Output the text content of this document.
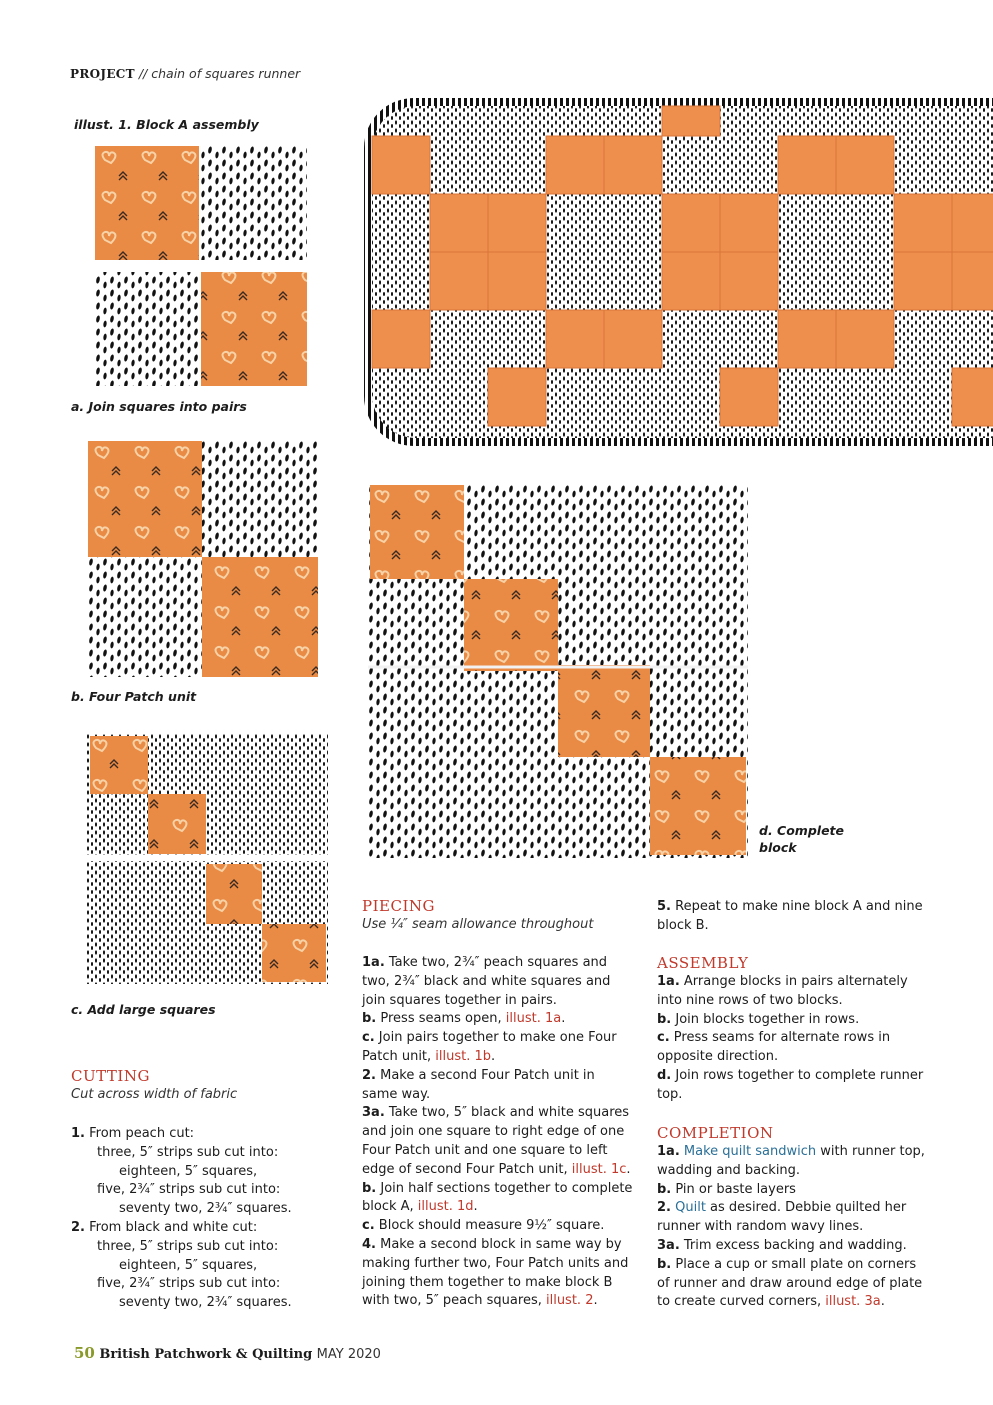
PROJECT // chain of squares runner
illust. 1. Block A assembly
a. Join squares into pairs
b. Four Patch unit
c. Add large squares
d. Complete block
CUTTING
Cut across width of fabric
1. From peach cut:
three, 5″ strips sub cut into:
eighteen, 5″ squares,
five, 2¾″ strips sub cut into:
seventy two, 2¾″ squares.
2. From black and white cut:
three, 5″ strips sub cut into:
eighteen, 5″ squares,
five, 2¾″ strips sub cut into:
seventy two, 2¾″ squares.
PIECING
Use ¼″ seam allowance throughout
1a. Take two, 2¾″ peach squares and two, 2¾″ black and white squares and join squares together in pairs.
b. Press seams open, illust. 1a.
c. Join pairs together to make one Four Patch unit, illust. 1b.
2. Make a second Four Patch unit in same way.
3a. Take two, 5″ black and white squares and join one square to right edge of one Four Patch unit and one square to left edge of second Four Patch unit, illust. 1c.
b. Join half sections together to complete block A, illust. 1d.
c. Block should measure 9½″ square.
4. Make a second block in same way by making further two, Four Patch units and joining them together to make block B with two, 5″ peach squares, illust. 2.
5. Repeat to make nine block A and nine block B.
ASSEMBLY
1a. Arrange blocks in pairs alternately into nine rows of two blocks.
b. Join blocks together in rows.
c. Press seams for alternate rows in opposite direction.
d. Join rows together to complete runner top.
COMPLETION
1a. Make quilt sandwich with runner top, wadding and backing.
b. Pin or baste layers
2. Quilt as desired. Debbie quilted her runner with random wavy lines.
3a. Trim excess backing and wadding.
b. Place a cup or small plate on corners of runner and draw around edge of plate to create curved corners, illust. 3a.
50 British Patchwork & Quilting MAY 2020
